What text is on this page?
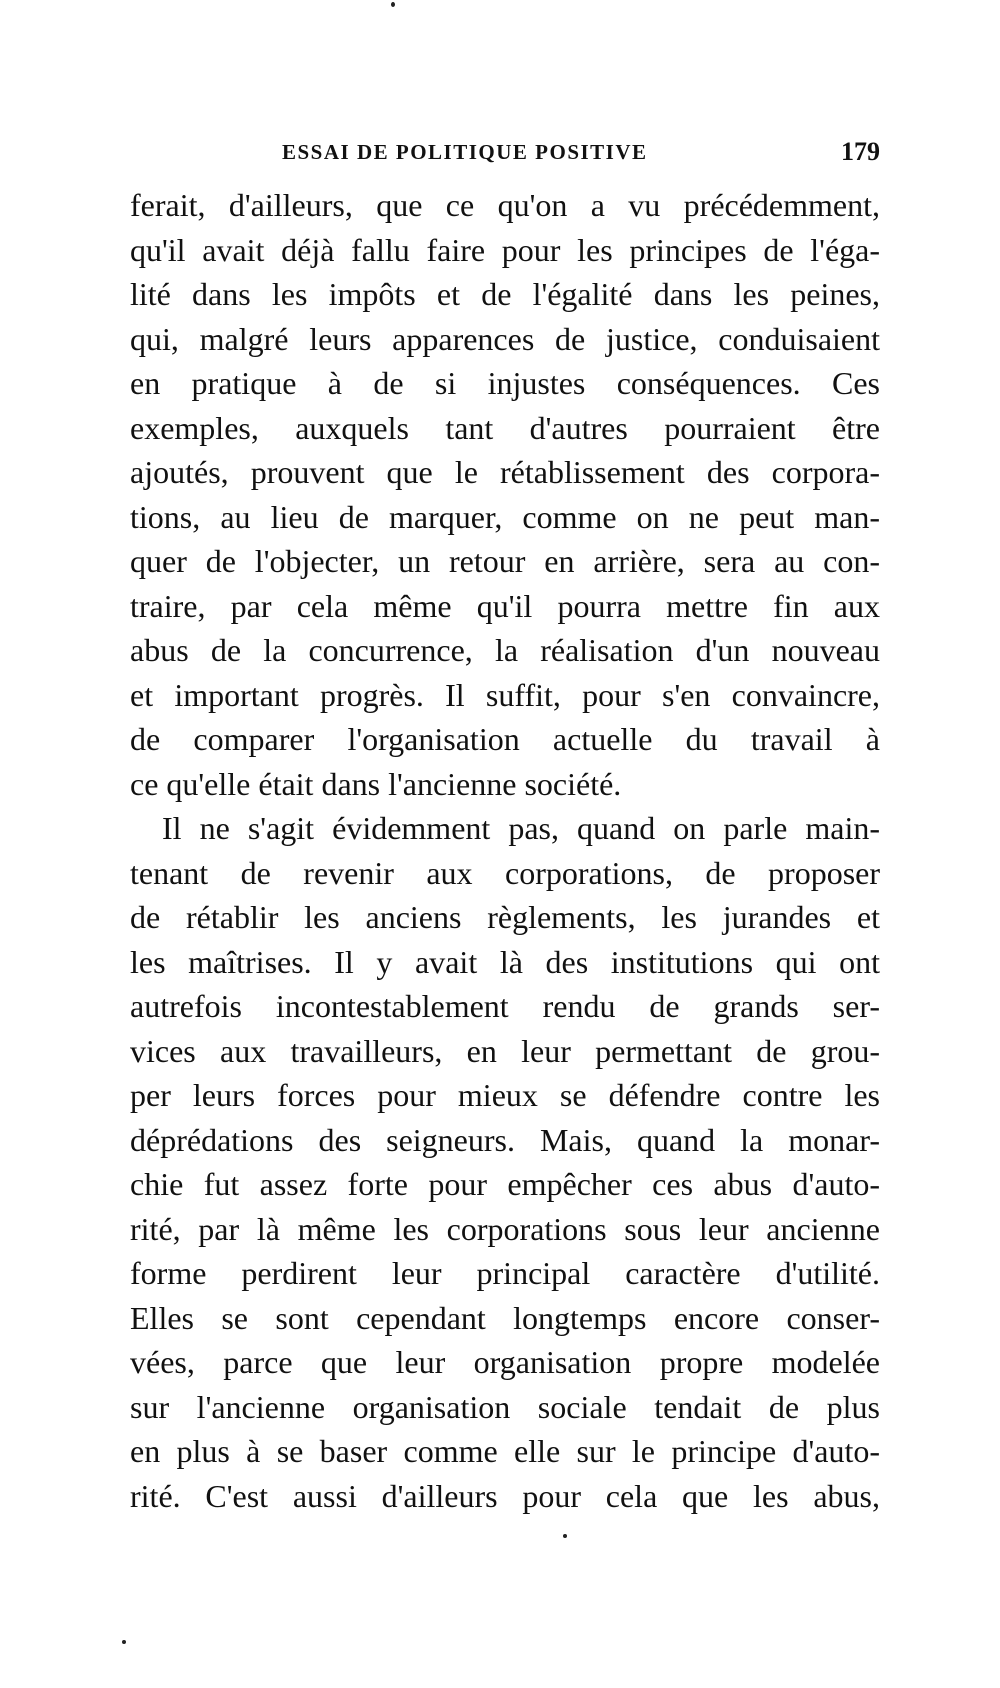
ESSAI DE POLITIQUE POSITIVE	179
ferait, d'ailleurs, que ce qu'on a vu précédemment,
qu'il avait déjà fallu faire pour les principes de l'éga-
lité dans les impôts et de l'égalité dans les peines,
qui, malgré leurs apparences de justice, conduisaient
en pratique à de si injustes conséquences. Ces
exemples, auxquels tant d'autres pourraient être
ajoutés, prouvent que le rétablissement des corpora-
tions, au lieu de marquer, comme on ne peut man-
quer de l'objecter, un retour en arrière, sera au con-
traire, par cela même qu'il pourra mettre fin aux
abus de la concurrence, la réalisation d'un nouveau
et important progrès. Il suffit, pour s'en convaincre,
de comparer l'organisation actuelle du travail à
ce qu'elle était dans l'ancienne société.
Il ne s'agit évidemment pas, quand on parle main-
tenant de revenir aux corporations, de proposer
de rétablir les anciens règlements, les jurandes et
les maîtrises. Il y avait là des institutions qui ont
autrefois incontestablement rendu de grands ser-
vices aux travailleurs, en leur permettant de grou-
per leurs forces pour mieux se défendre contre les
déprédations des seigneurs. Mais, quand la monar-
chie fut assez forte pour empêcher ces abus d'auto-
rité, par là même les corporations sous leur ancienne
forme perdirent leur principal caractère d'utilité.
Elles se sont cependant longtemps encore conser-
vées, parce que leur organisation propre modelée
sur l'ancienne organisation sociale tendait de plus
en plus à se baser comme elle sur le principe d'auto-
rité. C'est aussi d'ailleurs pour cela que les abus,
